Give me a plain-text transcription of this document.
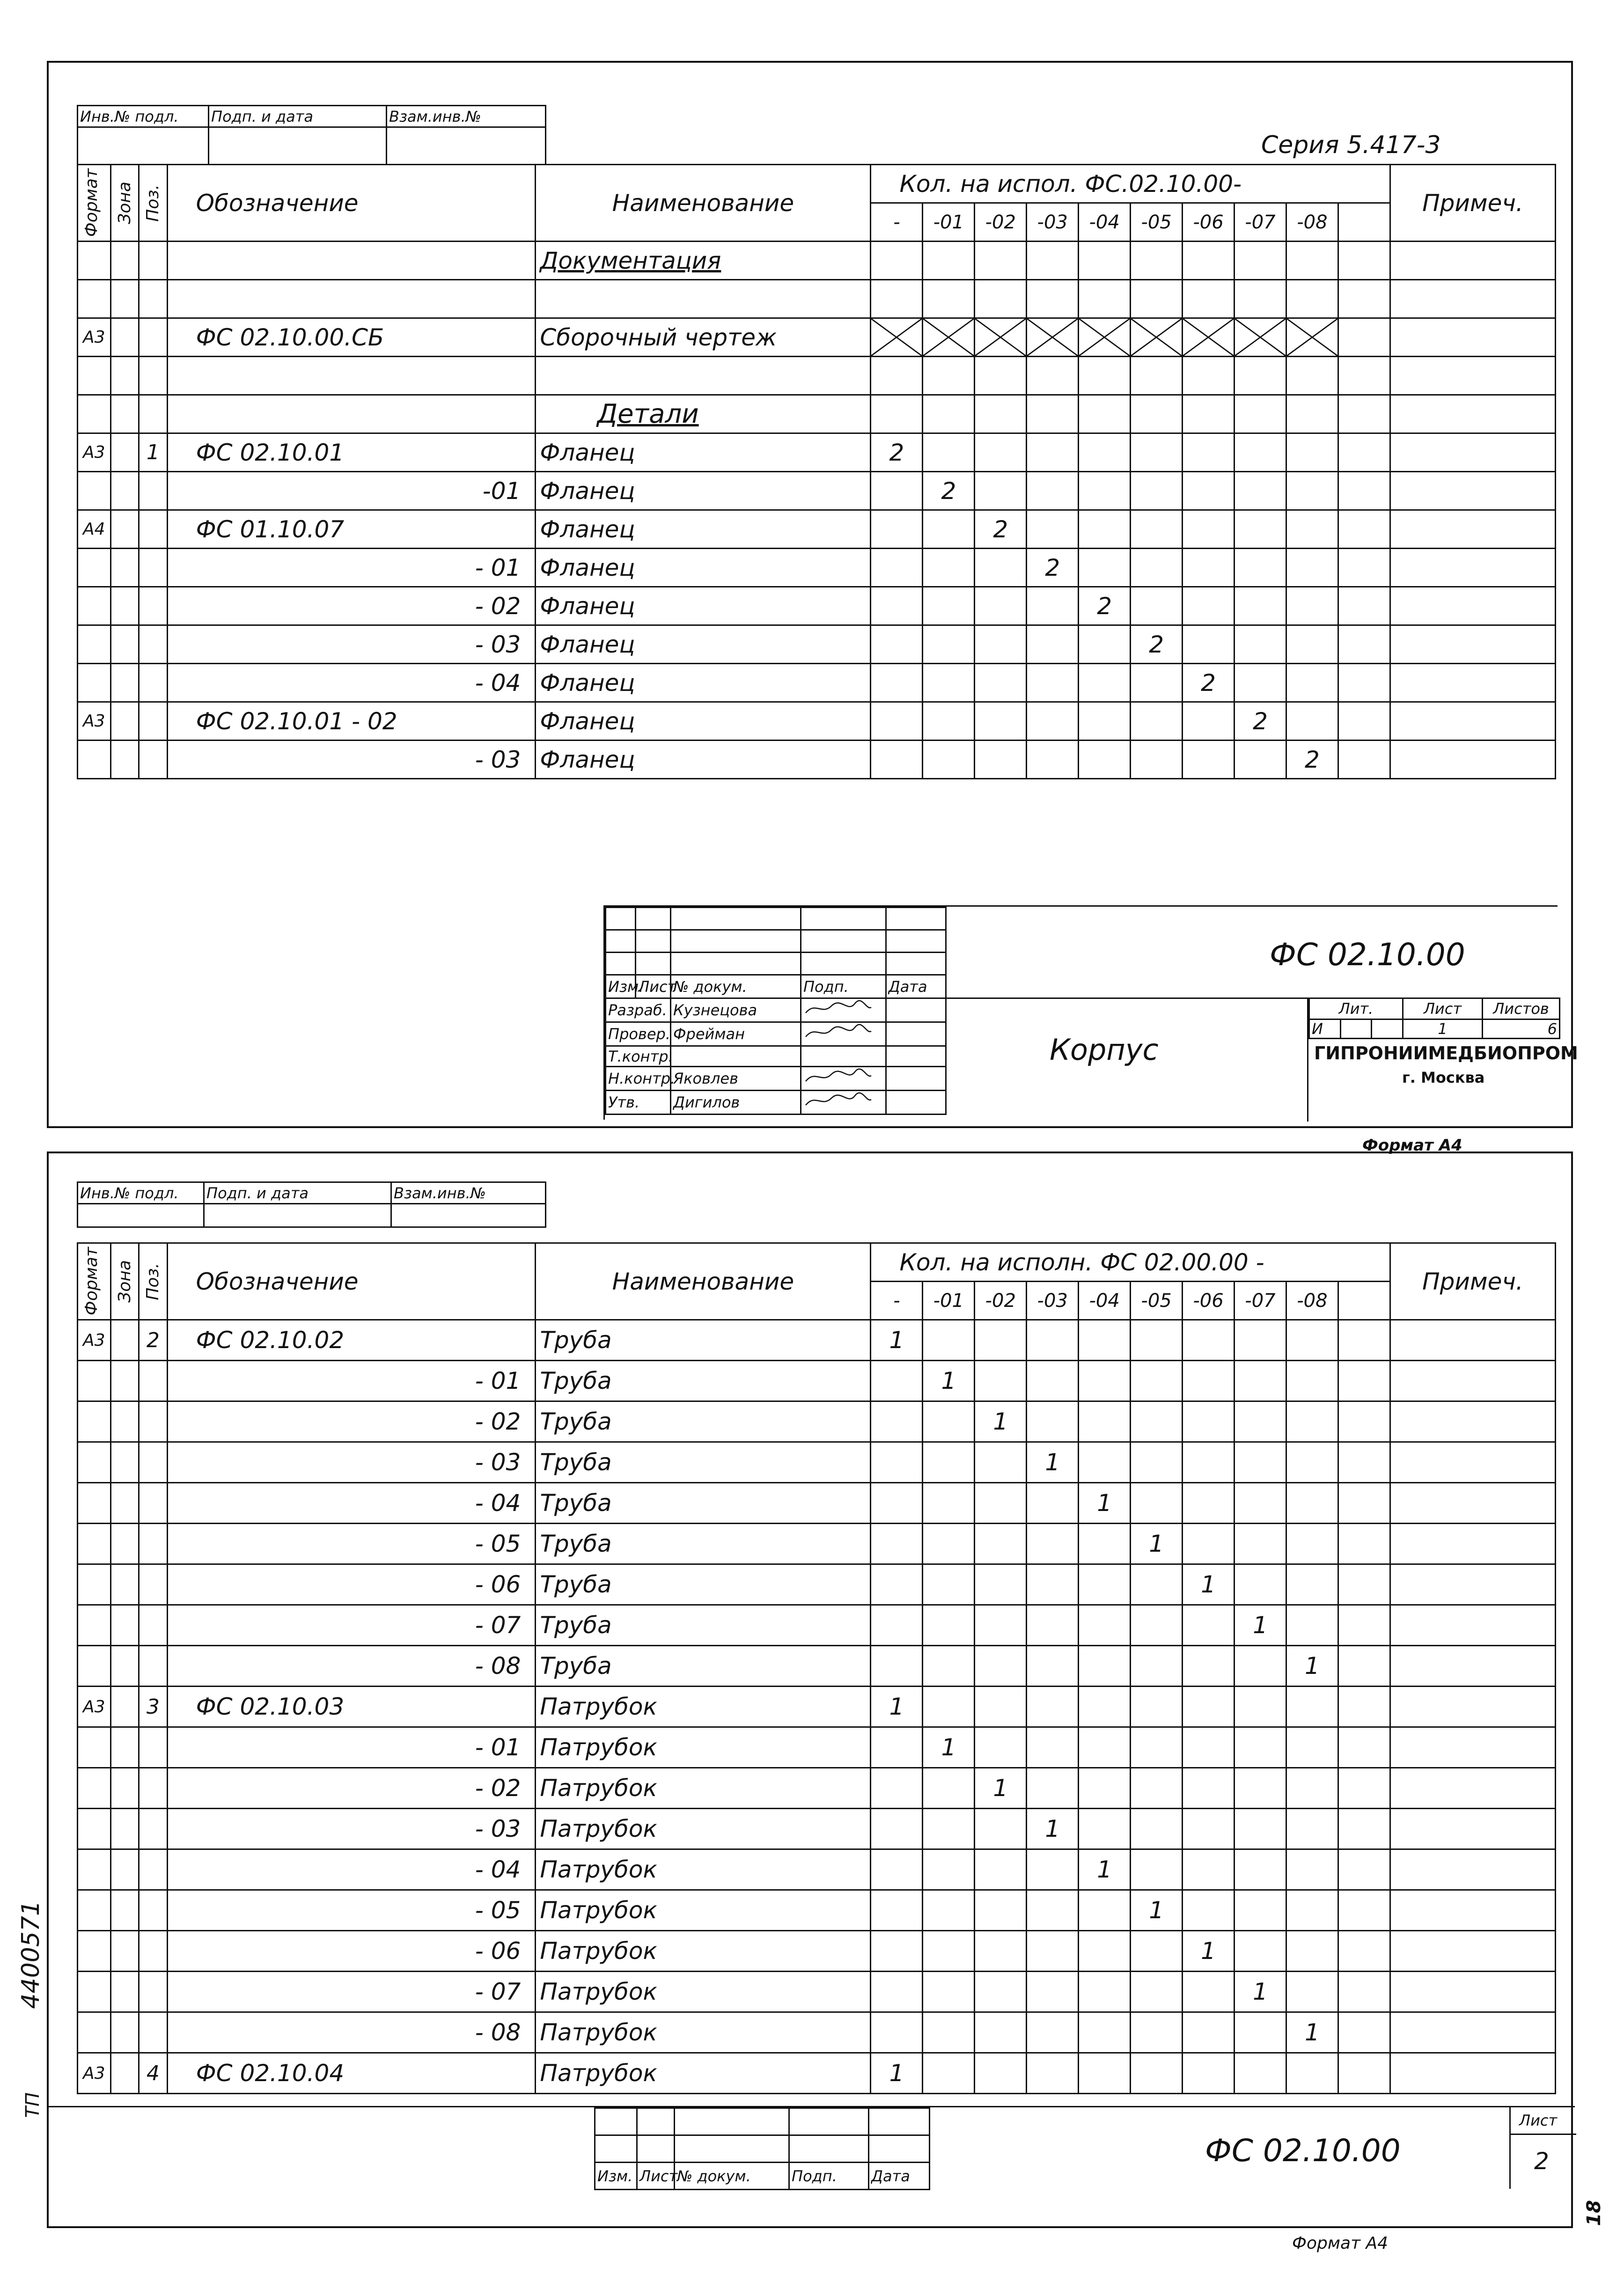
Инв.№ подл.	Подп. и дата	Взам.инв.№

Серия 5.417-3
Формат	Зона	Поз.	Обозначение	Наименование	Кол. на испол. ФС.02.10.00-										Примеч.
					-	-01	-02	-03	-04	-05	-06	-07	-08		
				Документация											

А3			ФС 02.10.00.СБ	Сборочный чертеж	

				Детали											
А3		1	ФС 02.10.01	Фланец	2										
			-01	Фланец		2									
А4			ФС 01.10.07	Фланец			2								
			- 01	Фланец				2							
			- 02	Фланец					2						
			- 03	Фланец						2					
			- 04	Фланец							2				
А3			ФС 02.10.01 - 02	Фланец								2			
			- 03	Фланец									2		

Изм.	Лист	№ докум.	Подп.	Дата
Разраб.		Кузнецова		
Провер.		Фрейман		
Т.контр.				
Н.контр.		Яковлев		
Утв.		Дигилов		
ФС 02.10.00
Корпус
Лит.			Лист	Листов
И			1	6
ГИПРОНИИМЕДБИОПРОМ
г. Москва
Формат А4
Инв.№ подл.	Подп. и дата	Взам.инв.№

Формат	Зона	Поз.	Обозначение	Наименование	Кол. на исполн. ФС 02.00.00 -										Примеч.
					-	-01	-02	-03	-04	-05	-06	-07	-08		
А3		2	ФС 02.10.02	Труба	1										
			- 01	Труба		1									
			- 02	Труба			1								
			- 03	Труба				1							
			- 04	Труба					1						
			- 05	Труба						1					
			- 06	Труба							1				
			- 07	Труба								1			
			- 08	Труба									1		
А3		3	ФС 02.10.03	Патрубок	1										
			- 01	Патрубок		1									
			- 02	Патрубок			1								
			- 03	Патрубок				1							
			- 04	Патрубок					1						
			- 05	Патрубок						1					
			- 06	Патрубок							1				
			- 07	Патрубок								1			
			- 08	Патрубок									1		
А3		4	ФС 02.10.04	Патрубок	1										

Изм.	Лист	№ докум.	Подп.	Дата
ФС 02.10.00
Лист
2
Формат А4
4400571
ТП
18
